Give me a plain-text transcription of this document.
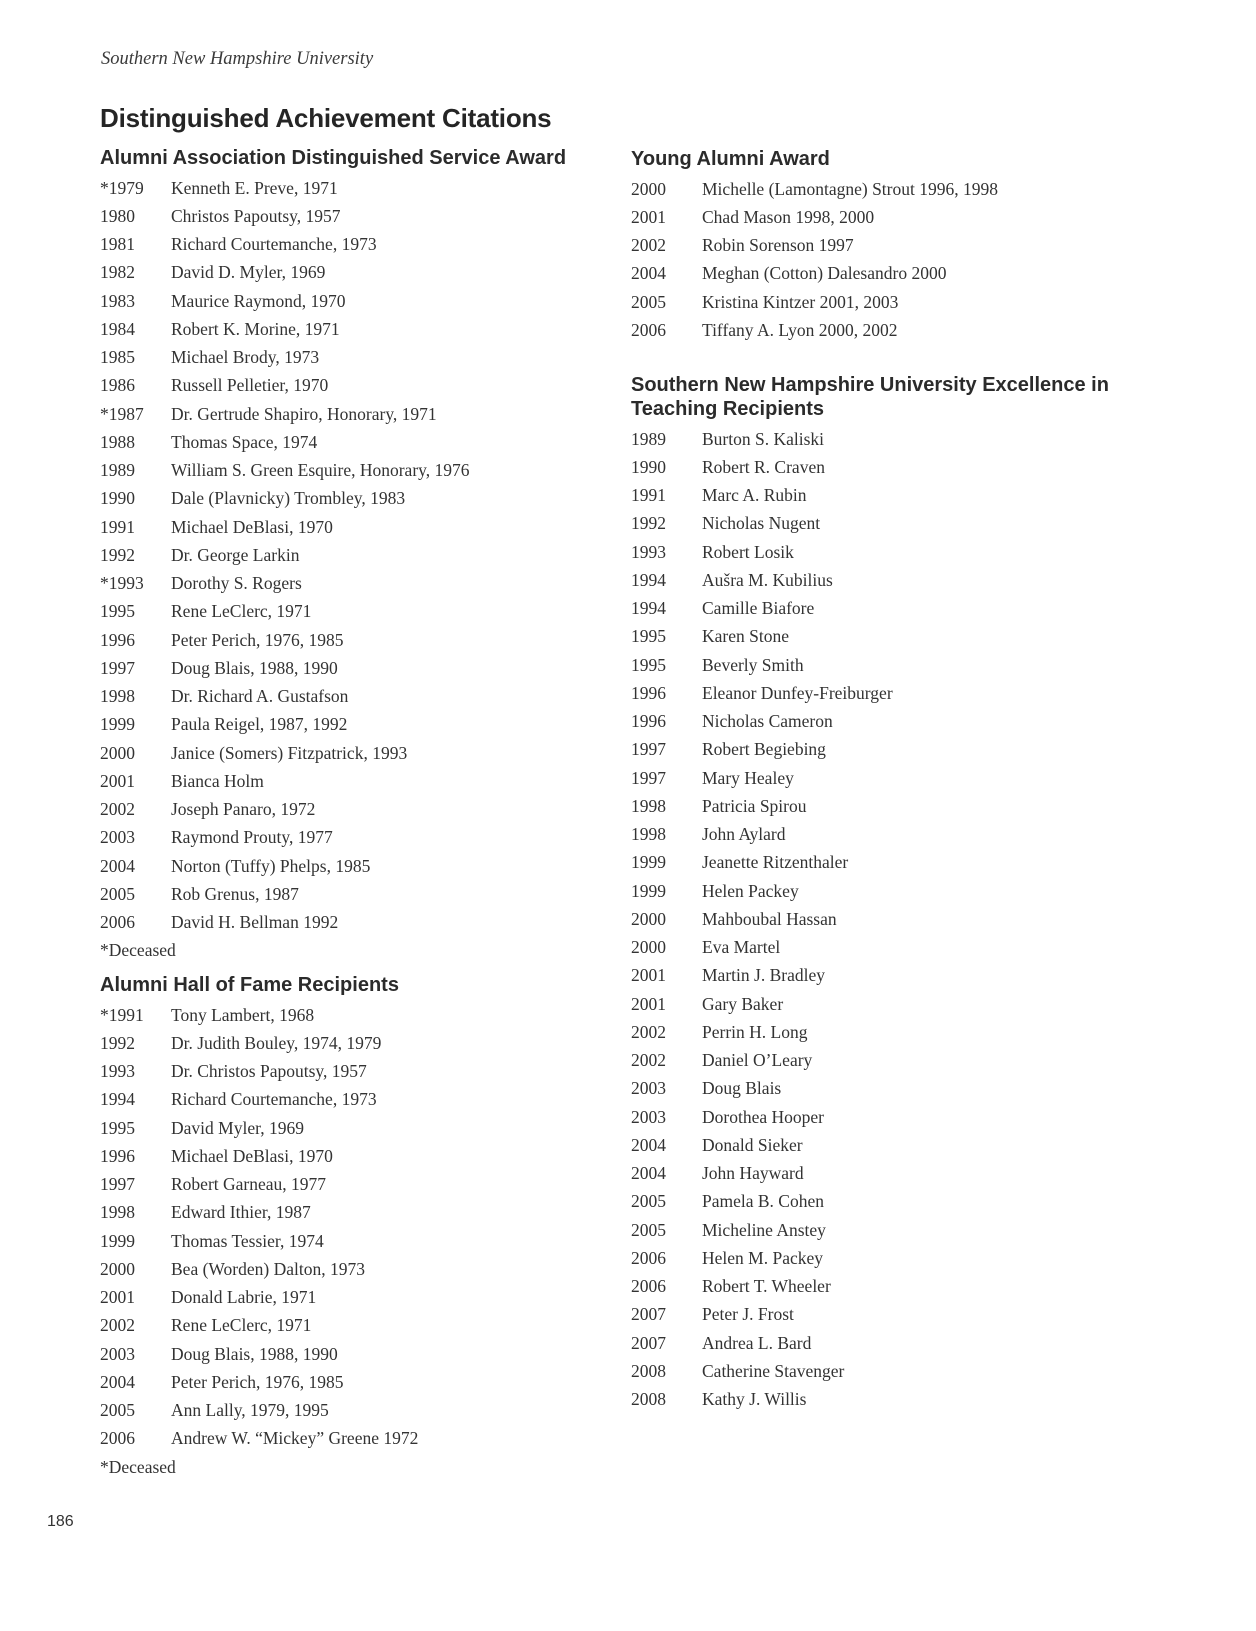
Southern New Hampshire University
Distinguished Achievement Citations
Alumni Association Distinguished Service Award
*1979	Kenneth E. Preve, 1971
1980	Christos Papoutsy, 1957
1981	Richard Courtemanche, 1973
1982	David D. Myler, 1969
1983	Maurice Raymond, 1970
1984	Robert K. Morine, 1971
1985	Michael Brody, 1973
1986	Russell Pelletier, 1970
*1987	Dr. Gertrude Shapiro, Honorary, 1971
1988	Thomas Space, 1974
1989	William S. Green Esquire, Honorary, 1976
1990	Dale (Plavnicky) Trombley, 1983
1991	Michael DeBlasi, 1970
1992	Dr. George Larkin
*1993	Dorothy S. Rogers
1995	Rene LeClerc, 1971
1996	Peter Perich, 1976, 1985
1997	Doug Blais, 1988, 1990
1998	Dr. Richard A. Gustafson
1999	Paula Reigel, 1987, 1992
2000	Janice (Somers) Fitzpatrick, 1993
2001	Bianca Holm
2002	Joseph Panaro, 1972
2003	Raymond Prouty, 1977
2004	Norton (Tuffy) Phelps, 1985
2005	Rob Grenus, 1987
2006	David H. Bellman 1992
*Deceased
Alumni Hall of Fame Recipients
*1991	Tony Lambert, 1968
1992	Dr. Judith Bouley, 1974, 1979
1993	Dr. Christos Papoutsy, 1957
1994	Richard Courtemanche, 1973
1995	David Myler, 1969
1996	Michael DeBlasi, 1970
1997	Robert Garneau, 1977
1998	Edward Ithier, 1987
1999	Thomas Tessier, 1974
2000	Bea (Worden) Dalton, 1973
2001	Donald Labrie, 1971
2002	Rene LeClerc, 1971
2003	Doug Blais, 1988, 1990
2004	Peter Perich, 1976, 1985
2005	Ann Lally, 1979, 1995
2006	Andrew W. “Mickey” Greene 1972
*Deceased
Young Alumni Award
2000	Michelle (Lamontagne) Strout 1996, 1998
2001	Chad Mason 1998, 2000
2002	Robin Sorenson 1997
2004	Meghan (Cotton) Dalesandro 2000
2005	Kristina Kintzer 2001, 2003
2006	Tiffany A. Lyon 2000, 2002
Southern New Hampshire University Excellence in Teaching Recipients
1989	Burton S. Kaliski
1990	Robert R. Craven
1991	Marc A. Rubin
1992	Nicholas Nugent
1993	Robert Losik
1994	Aušra M. Kubilius
1994	Camille Biafore
1995	Karen Stone
1995	Beverly Smith
1996	Eleanor Dunfey-Freiburger
1996	Nicholas Cameron
1997	Robert Begiebing
1997	Mary Healey
1998	Patricia Spirou
1998	John Aylard
1999	Jeanette Ritzenthaler
1999	Helen Packey
2000	Mahboubal Hassan
2000	Eva Martel
2001	Martin J. Bradley
2001	Gary Baker
2002	Perrin H. Long
2002	Daniel O’Leary
2003	Doug Blais
2003	Dorothea Hooper
2004	Donald Sieker
2004	John Hayward
2005	Pamela B. Cohen
2005	Micheline Anstey
2006	Helen M. Packey
2006	Robert T. Wheeler
2007	Peter J. Frost
2007	Andrea L. Bard
2008	Catherine Stavenger
2008	Kathy J. Willis
186
